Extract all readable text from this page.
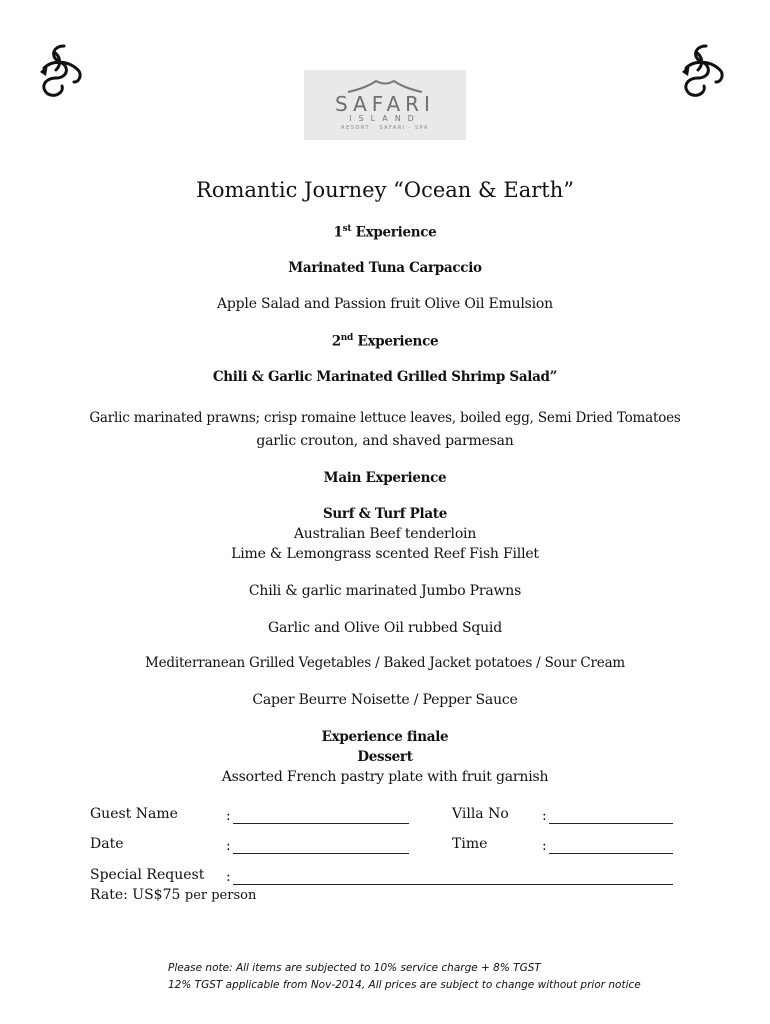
SAFARI
ISLAND
RESORT · SAFARI · SPA
Romantic Journey “Ocean & Earth”
1st Experience
Marinated Tuna Carpaccio
Apple Salad and Passion fruit Olive Oil Emulsion
2nd Experience
Chili & Garlic Marinated Grilled Shrimp Salad”
Garlic marinated prawns; crisp romaine lettuce leaves, boiled egg, Semi Dried Tomatoes
garlic crouton, and shaved parmesan
Main Experience
Surf & Turf Plate
Australian Beef tenderloin
Lime & Lemongrass scented Reef Fish Fillet
Chili & garlic marinated Jumbo Prawns
Garlic and Olive Oil rubbed Squid
Mediterranean Grilled Vegetables / Baked Jacket potatoes / Sour Cream
Caper Beurre Noisette / Pepper Sauce
Experience finale
Dessert
Assorted French pastry plate with fruit garnish
Guest Name	:	Villa No :
Date	:	Time	:
Special Request :
Rate: US$75 per person
Please note: All items are subjected to 10% service charge + 8% TGST
12% TGST applicable from Nov-2014, All prices are subject to change without prior notice
